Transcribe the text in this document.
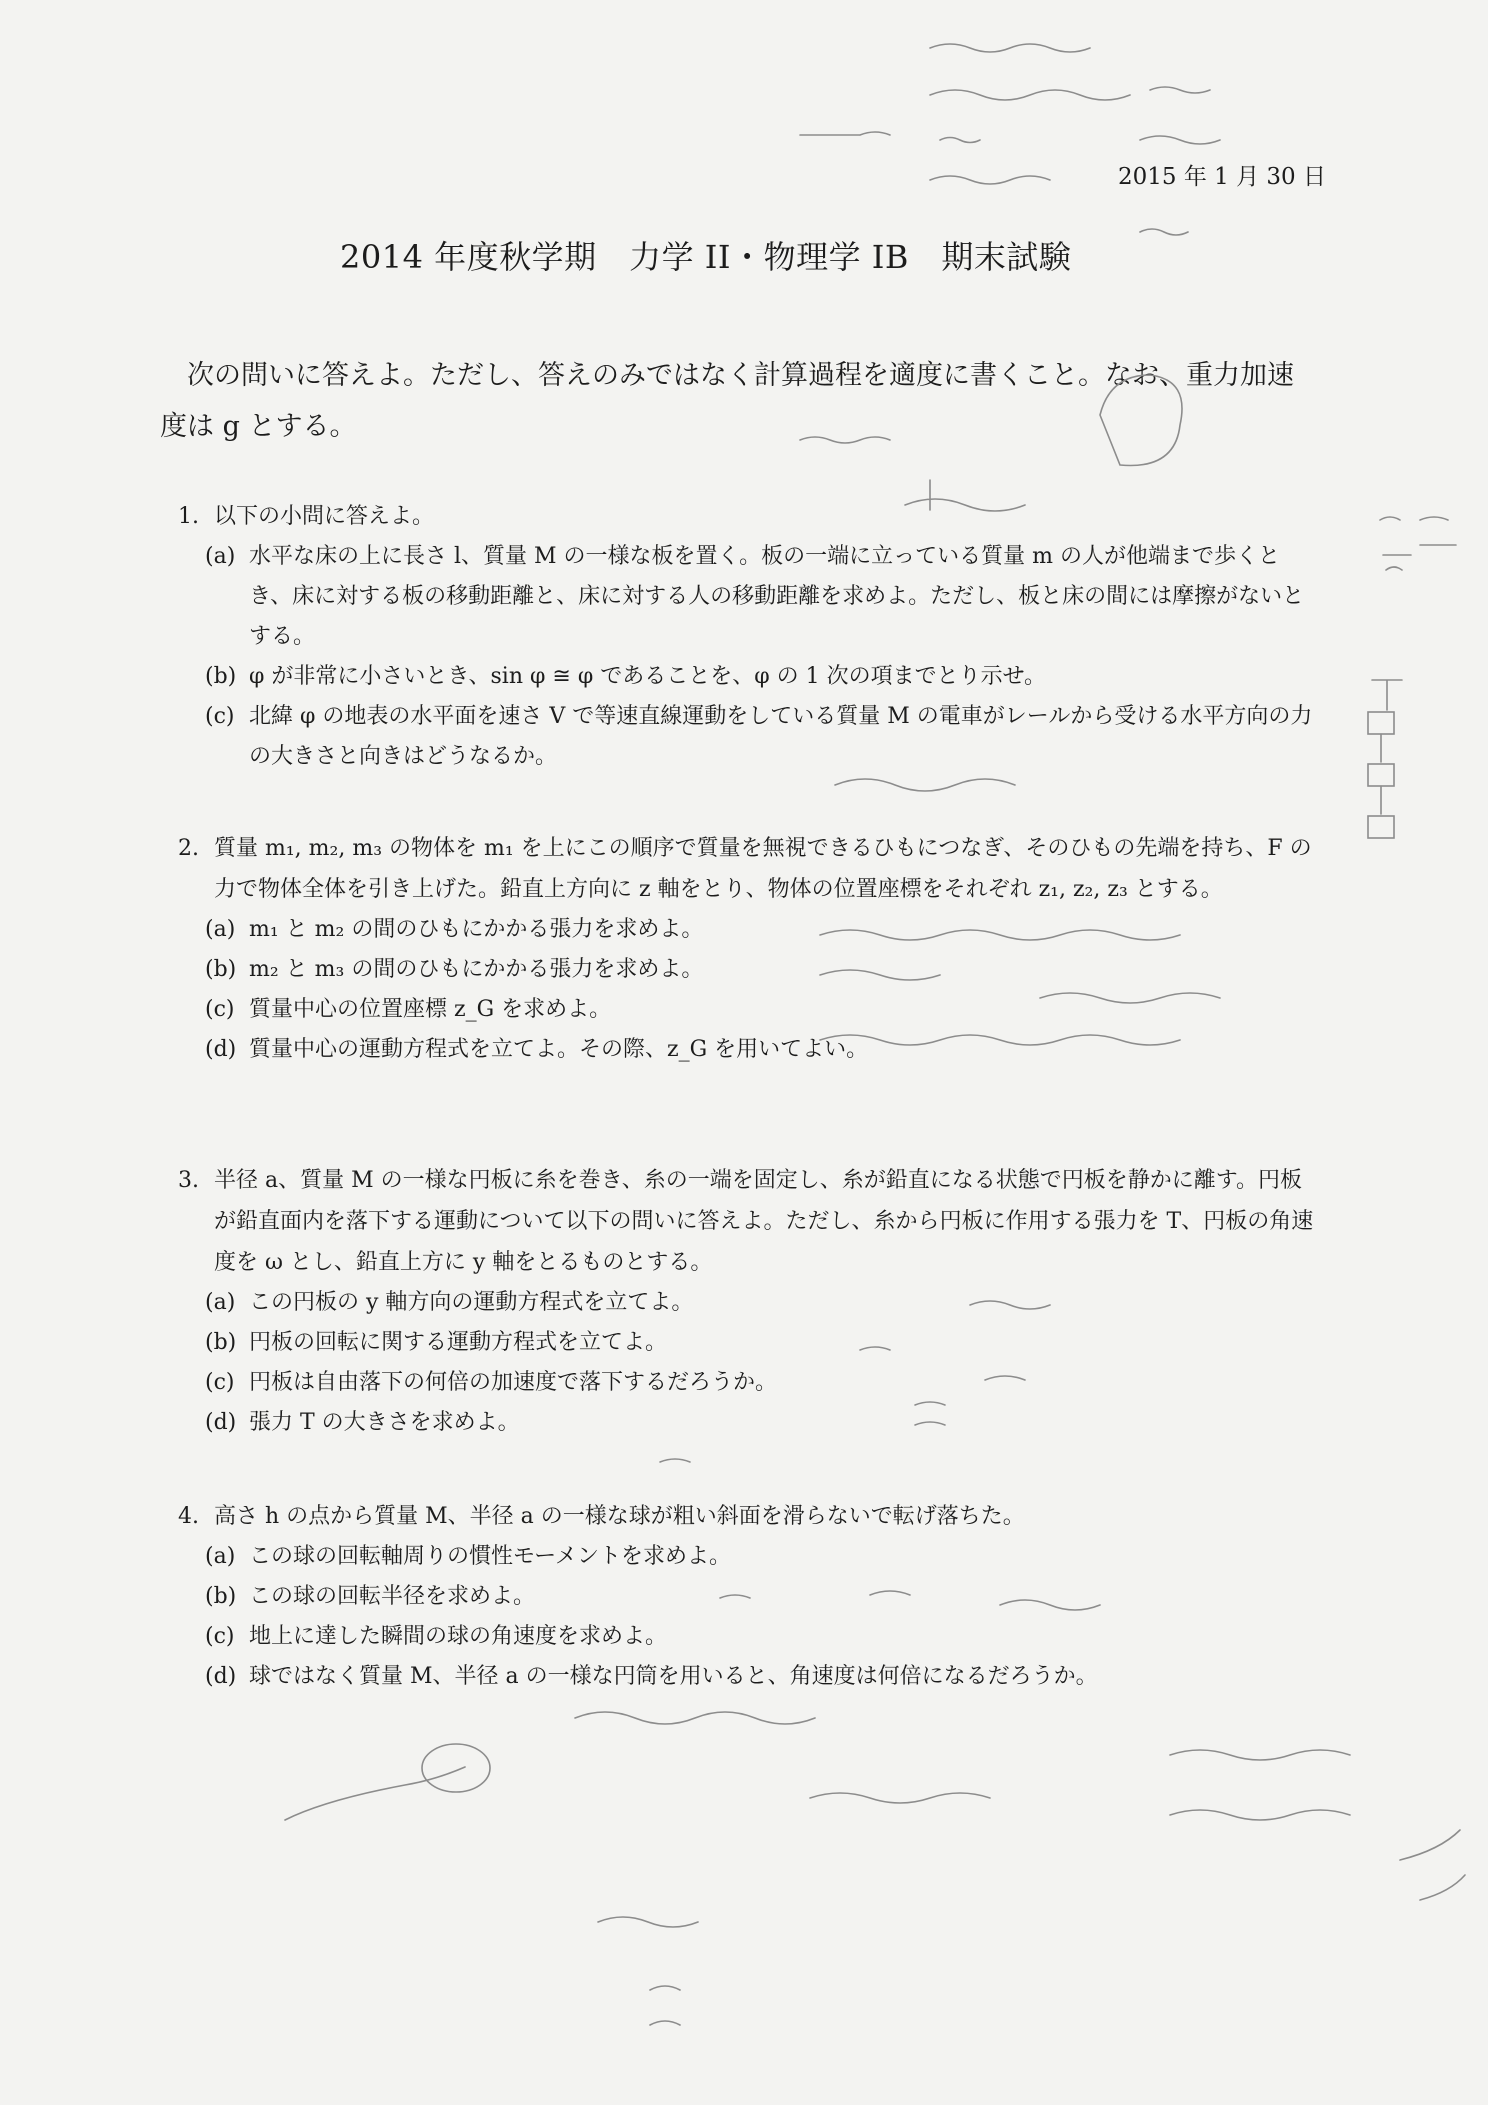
2015 年 1 月 30 日
2014 年度秋学期　力学 II・物理学 IB　期末試験
次の問いに答えよ。ただし、答えのみではなく計算過程を適度に書くこと。なお、重力加速度は g とする。
1. 以下の小問に答えよ。
(a) 水平な床の上に長さ l、質量 M の一様な板を置く。板の一端に立っている質量 m の人が他端まで歩くとき、床に対する板の移動距離と、床に対する人の移動距離を求めよ。ただし、板と床の間には摩擦がないとする。
(b) φ が非常に小さいとき、sin φ ≅ φ であることを、φ の 1 次の項までとり示せ。
(c) 北緯 φ の地表の水平面を速さ V で等速直線運動をしている質量 M の電車がレールから受ける水平方向の力の大きさと向きはどうなるか。
2. 質量 m₁, m₂, m₃ の物体を m₁ を上にこの順序で質量を無視できるひもにつなぎ、そのひもの先端を持ち、F の力で物体全体を引き上げた。鉛直上方向に z 軸をとり、物体の位置座標をそれぞれ z₁, z₂, z₃ とする。
(a) m₁ と m₂ の間のひもにかかる張力を求めよ。
(b) m₂ と m₃ の間のひもにかかる張力を求めよ。
(c) 質量中心の位置座標 z_G を求めよ。
(d) 質量中心の運動方程式を立てよ。その際、z_G を用いてよい。
3. 半径 a、質量 M の一様な円板に糸を巻き、糸の一端を固定し、糸が鉛直になる状態で円板を静かに離す。円板が鉛直面内を落下する運動について以下の問いに答えよ。ただし、糸から円板に作用する張力を T、円板の角速度を ω とし、鉛直上方に y 軸をとるものとする。
(a) この円板の y 軸方向の運動方程式を立てよ。
(b) 円板の回転に関する運動方程式を立てよ。
(c) 円板は自由落下の何倍の加速度で落下するだろうか。
(d) 張力 T の大きさを求めよ。
4. 高さ h の点から質量 M、半径 a の一様な球が粗い斜面を滑らないで転げ落ちた。
(a) この球の回転軸周りの慣性モーメントを求めよ。
(b) この球の回転半径を求めよ。
(c) 地上に達した瞬間の球の角速度を求めよ。
(d) 球ではなく質量 M、半径 a の一様な円筒を用いると、角速度は何倍になるだろうか。
